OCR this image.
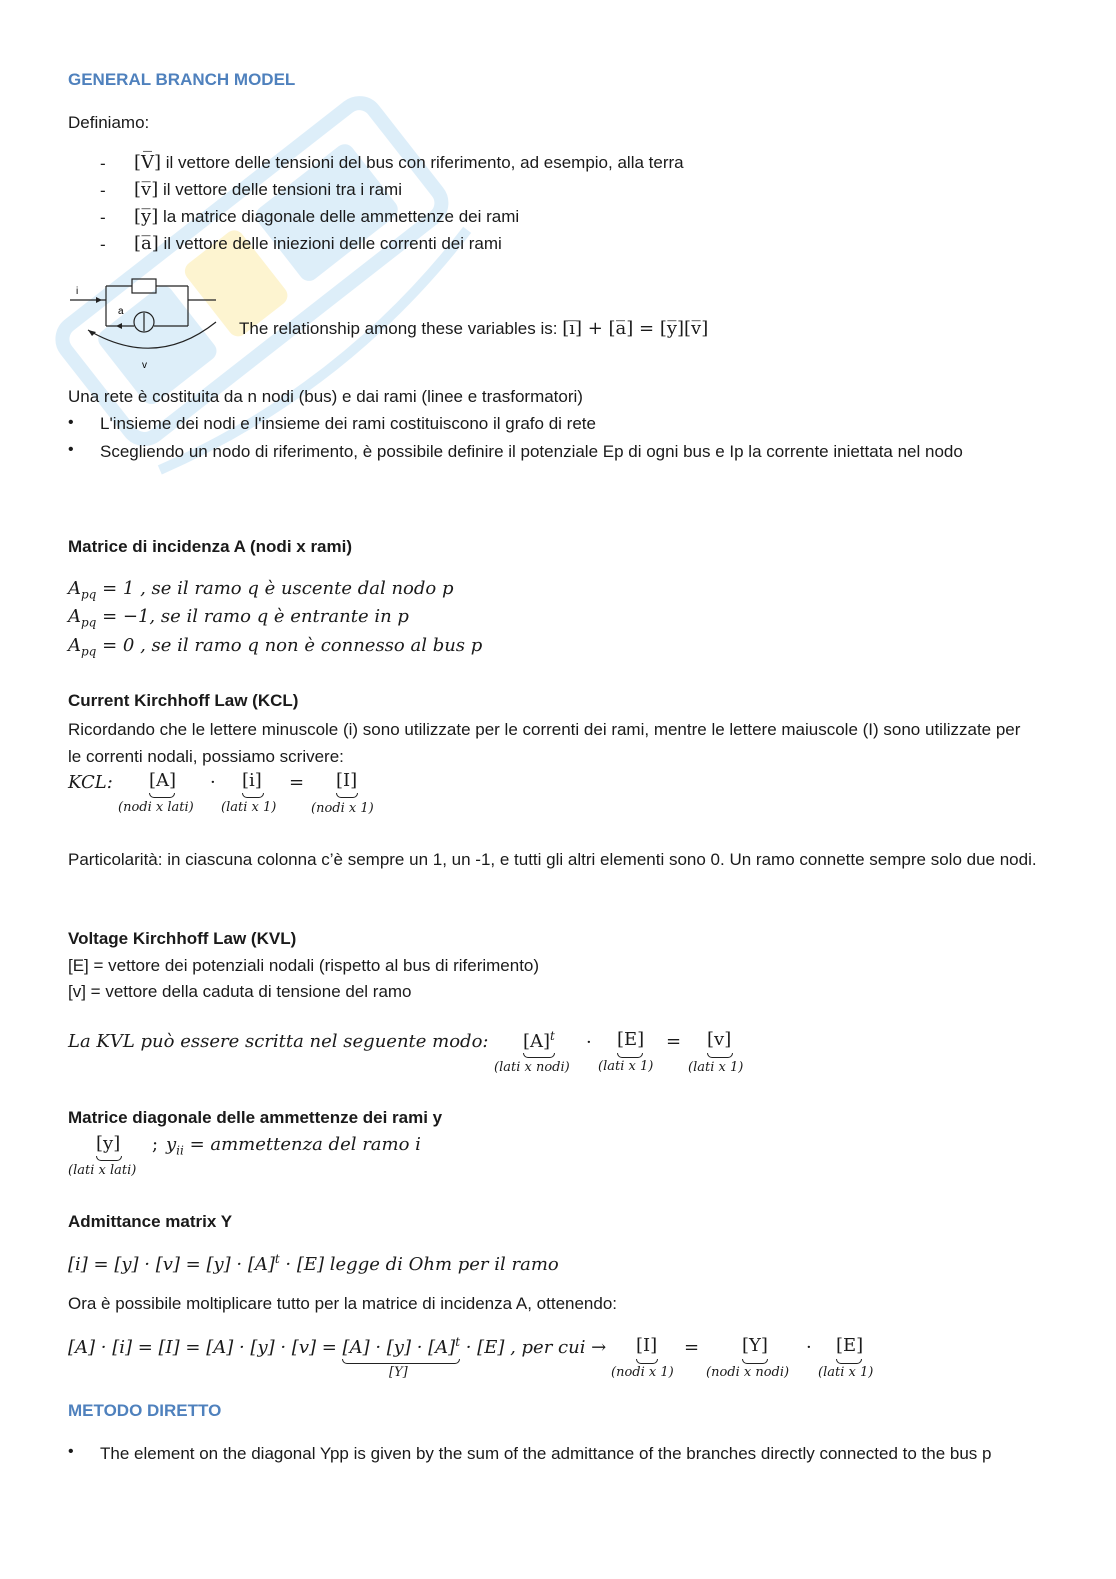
GENERAL BRANCH MODEL
Definiamo:
- [V̅] il vettore delle tensioni del bus con riferimento, ad esempio, alla terra
- [v̅] il vettore delle tensioni tra i rami
- [y̅] la matrice diagonale delle ammettenze dei rami
- [a̅] il vettore delle iniezioni delle correnti dei rami
i
a
v
The relationship among these variables is: [ı̅] + [a̅] = [y̅][v̅]
Una rete è costituita da n nodi (bus) e dai rami (linee e trasformatori)
• L'insieme dei nodi e l'insieme dei rami costituiscono il grafo di rete
• Scegliendo un nodo di riferimento, è possibile definire il potenziale Ep di ogni bus e Ip la corrente iniettata nel nodo
Matrice di incidenza A (nodi x rami)
$A_{pq} = 1$ , se il ramo q è uscente dal nodo p
$A_{pq} = -1$, se il ramo q è entrante in p
$A_{pq} = 0$ , se il ramo q non è connesso al bus p
Current Kirchhoff Law (KCL)
Ricordando che le lettere minuscole (i) sono utilizzate per le correnti dei rami, mentre le lettere maiuscole (I) sono utilizzate per le correnti nodali, possiamo scrivere:
KCL: [A]
(nodi x lati)
· [i]
(lati x 1)
= [I]
(nodi x 1)
Particolarità: in ciascuna colonna c’è sempre un 1, un -1, e tutti gli altri elementi sono 0. Un ramo connette sempre solo due nodi.
Voltage Kirchhoff Law (KVL)
[E] = vettore dei potenziali nodali (rispetto al bus di riferimento)
[v] = vettore della caduta di tensione del ramo
La KVL può essere scritta nel seguente modo: $[A]^t$
(lati x nodi)
· [E]
(lati x 1)
= [v]
(lati x 1)
Matrice diagonale delle ammettenze dei rami y
[y]
(lati x lati)
; $y_{ii}$ = ammettenza del ramo i
Admittance matrix Y
$[i] = [y] \cdot [v] = [y] \cdot [A]^t \cdot [E]$ legge di Ohm per il ramo
Ora è possibile moltiplicare tutto per la matrice di incidenza A, ottenendo:
$[A] \cdot [i] = [I] = [A] \cdot [y] \cdot [v] = [A] \cdot [y] \cdot [A]^t \cdot [E]$ , per cui →
[Y]
[I]
(nodi x 1)
= [Y]
(nodi x nodi)
· [E]
(lati x 1)
METODO DIRETTO
• The element on the diagonal Ypp is given by the sum of the admittance of the branches directly connected to the bus p
